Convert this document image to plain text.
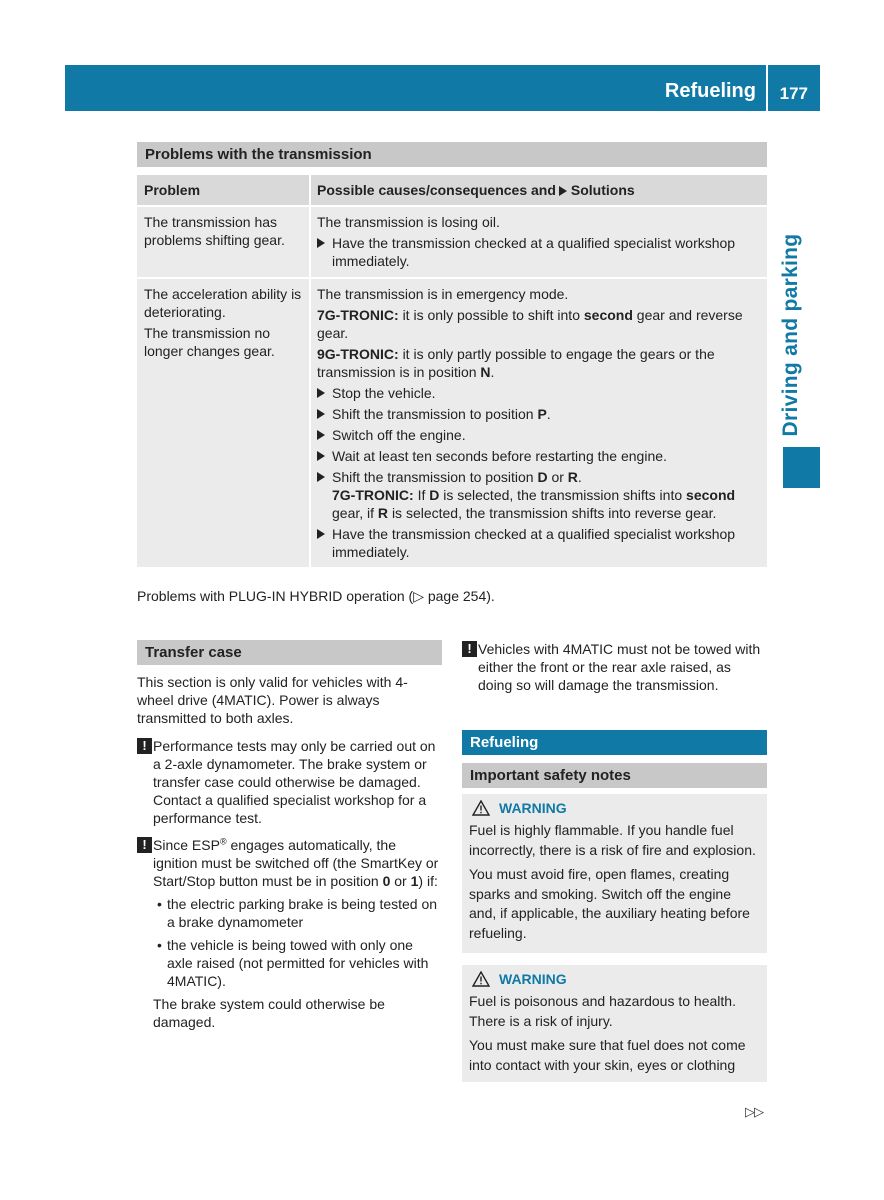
Refueling 177
Driving and parking
Problems with the transmission
Problem	Possible causes/consequences and Solutions
The transmission has problems shifting gear.

The transmission is losing oil.

Have the transmission checked at a qualified specialist workshop immediately.

The acceleration ability is deteriorating.

The transmission no longer changes gear.

The transmission is in emergency mode.

7G-TRONIC: it is only possible to shift into second gear and reverse gear.

9G-TRONIC: it is only partly possible to engage the gears or the transmission is in position N.

Stop the vehicle.
Shift the transmission to position P.
Switch off the engine.
Wait at least ten seconds before restarting the engine.
Shift the transmission to position D or R.
7G-TRONIC: If D is selected, the transmission shifts into second gear, if R is selected, the transmission shifts into reverse gear.
Have the transmission checked at a qualified specialist workshop immediately.

Problems with PLUG-IN HYBRID operation (▷ page 254).

Transfer case

This section is only valid for vehicles with 4-wheel drive (4MATIC). Power is always transmitted to both axles.

! Performance tests may only be carried out on a 2-axle dynamometer. The brake system or transfer case could otherwise be damaged. Contact a qualified specialist workshop for a performance test.
! Since ESP® engages automatically, the ignition must be switched off (the SmartKey or Start/Stop button must be in position 0 or 1) if:

• the electric parking brake is being tested on a brake dynamometer
• the vehicle is being towed with only one axle raised (not permitted for vehicles with 4MATIC).

The brake system could otherwise be damaged.

! Vehicles with 4MATIC must not be towed with either the front or the rear axle raised, as doing so will damage the transmission.
Refueling
Important safety notes
WARNING

Fuel is highly flammable. If you handle fuel incorrectly, there is a risk of fire and explosion.

You must avoid fire, open flames, creating sparks and smoking. Switch off the engine and, if applicable, the auxiliary heating before refueling.

WARNING

Fuel is poisonous and hazardous to health. There is a risk of injury.

You must make sure that fuel does not come into contact with your skin, eyes or clothing

▷▷
